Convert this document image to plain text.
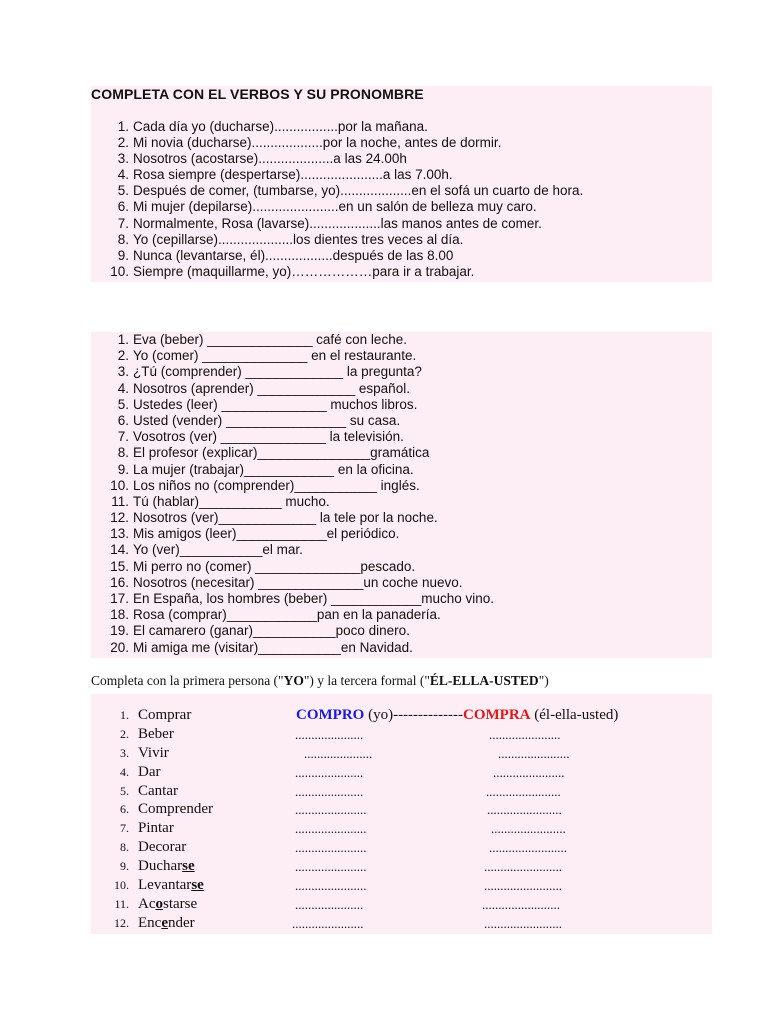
COMPLETA CON EL VERBOS Y SU PRONOMBRE
1. Cada día yo (ducharse).................por la mañana.
2. Mi novia (ducharse)...................por la noche, antes de dormir.
3. Nosotros (acostarse)....................a las 24.00h
4. Rosa siempre (despertarse)......................a las 7.00h.
5. Después de comer, (tumbarse, yo)...................en el sofá un cuarto de hora.
6. Mi mujer (depilarse).......................en un salón de belleza muy caro.
7. Normalmente, Rosa (lavarse)...................las manos antes de comer.
8. Yo (cepillarse)....................los dientes tres veces al día.
9. Nunca (levantarse, él)..................después de las 8.00
10. Siempre (maquillarme, yo)………………para ir a trabajar.
1. Eva (beber) ______________ café con leche.
2. Yo (comer) ______________ en el restaurante.
3. ¿Tú (comprender) _____________ la pregunta?
4. Nosotros (aprender) _____________ español.
5. Ustedes (leer) ______________ muchos libros.
6. Usted (vender) ________________ su casa.
7. Vosotros (ver) ______________ la televisión.
8. El profesor (explicar)_______________gramática
9. La mujer (trabajar)____________ en la oficina.
10. Los niños no (comprender)___________ inglés.
11. Tú (hablar)___________ mucho.
12. Nosotros (ver)_____________ la tele por la noche.
13. Mis amigos (leer)____________el periódico.
14. Yo (ver)___________el mar.
15. Mi perro no (comer) ______________pescado.
16. Nosotros (necesitar) ______________un coche nuevo.
17. En España, los hombres (beber) ____________mucho vino.
18. Rosa (comprar)____________pan en la panadería.
19. El camarero (ganar)___________poco dinero.
20. Mi amiga me (visitar)___________en Navidad.
Completa con la primera persona ("YO") y la tercera formal ("ÉL-ELLA-USTED")
1. Comprar	COMPRO (yo)--------------COMPRA (él-ella-usted)
2. Beber	.....................	......................
3. Vivir	.....................	......................
4. Dar	.....................	......................
5. Cantar	.....................	.......................
6. Comprender	......................	.......................
7. Pintar	......................	.......................
8. Decorar	......................	........................
9. Ducharse	......................	........................
10. Levantarse	......................	........................
11. Acostarse	.....................	........................
12. Encender	......................	........................
